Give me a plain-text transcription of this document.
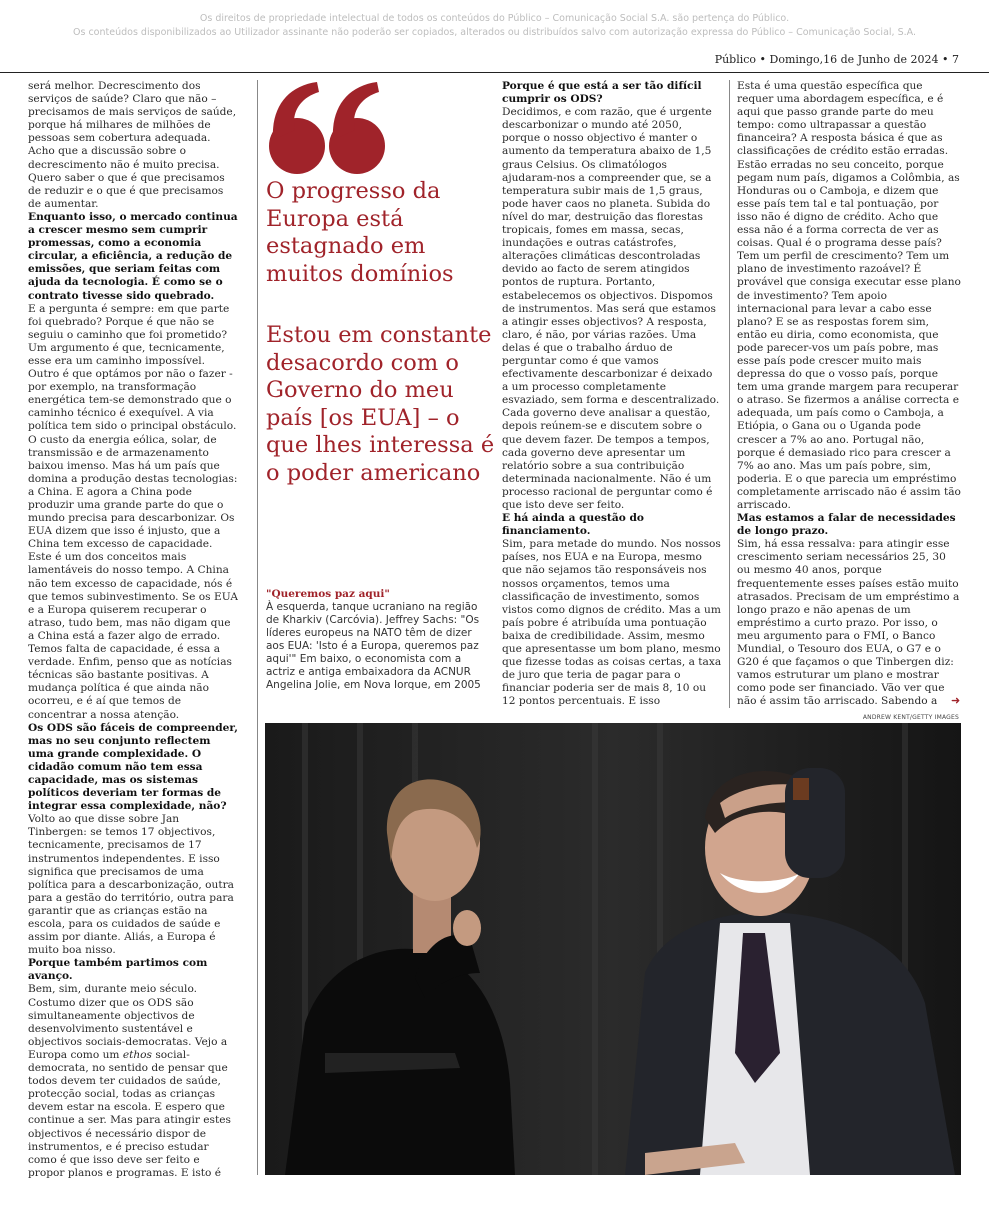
Os direitos de propriedade intelectual de todos os conteúdos do Público – Comunicação Social S.A. são pertença do Público.
Os conteúdos disponibilizados ao Utilizador assinante não poderão ser copiados, alterados ou distribuídos salvo com autorização expressa do Público – Comunicação Social, S.A.
Público • Domingo,16 de Junho de 2024 • 7

será melhor. Decrescimento dos serviços de saúde? Claro que não – precisamos de mais serviços de saúde, porque há milhares de milhões de pessoas sem cobertura adequada. Acho que a discussão sobre o decrescimento não é muito precisa. Quero saber o que é que precisamos de reduzir e o que é que precisamos de aumentar.

Enquanto isso, o mercado continua a crescer mesmo sem cumprir promessas, como a economia circular, a eficiência, a redução de emissões, que seriam feitas com ajuda da tecnologia. É como se o contrato tivesse sido quebrado.

E a pergunta é sempre: em que parte foi quebrado? Porque é que não se seguiu o caminho que foi prometido? Um argumento é que, tecnicamente, esse era um caminho impossível. Outro é que optámos por não o fazer - por exemplo, na transformação energética tem-se demonstrado que o caminho técnico é exequível. A via política tem sido o principal obstáculo. O custo da energia eólica, solar, de transmissão e de armazenamento baixou imenso. Mas há um país que domina a produção destas tecnologias: a China. E agora a China pode produzir uma grande parte do que o mundo precisa para descarbonizar. Os EUA dizem que isso é injusto, que a China tem excesso de capacidade. Este é um dos conceitos mais lamentáveis do nosso tempo. A China não tem excesso de capacidade, nós é que temos subinvestimento. Se os EUA e a Europa quiserem recuperar o atraso, tudo bem, mas não digam que a China está a fazer algo de errado. Temos falta de capacidade, é essa a verdade. Enfim, penso que as notícias técnicas são bastante positivas. A mudança política é que ainda não ocorreu, e é aí que temos de concentrar a nossa atenção.

Os ODS são fáceis de compreender, mas no seu conjunto reflectem uma grande complexidade. O cidadão comum não tem essa capacidade, mas os sistemas políticos deveriam ter formas de integrar essa complexidade, não?

Volto ao que disse sobre Jan Tinbergen: se temos 17 objectivos, tecnicamente, precisamos de 17 instrumentos independentes. E isso significa que precisamos de uma política para a descarbonização, outra para a gestão do território, outra para garantir que as crianças estão na escola, para os cuidados de saúde e assim por diante. Aliás, a Europa é muito boa nisso.

Porque também partimos com avanço.

Bem, sim, durante meio século. Costumo dizer que os ODS são simultaneamente objectivos de desenvolvimento sustentável e objectivos sociais-democratas. Vejo a Europa como um ethos social-democrata, no sentido de pensar que todos devem ter cuidados de saúde, protecção social, todas as crianças devem estar na escola. E espero que continue a ser. Mas para atingir estes objectivos é necessário dispor de instrumentos, e é preciso estudar como é que isso deve ser feito e propor planos e programas. E isto é

O progresso da Europa está estagnado em muitos domínios
Estou em constante desacordo com o Governo do meu país [os EUA] – o que lhes interessa é o poder americano
"Queremos paz aqui"
À esquerda, tanque ucraniano na região de Kharkiv (Carcóvia). Jeffrey Sachs: "Os líderes europeus na NATO têm de dizer aos EUA: 'Isto é a Europa, queremos paz aqui'" Em baixo, o economista com a actriz e antiga embaixadora da ACNUR Angelina Jolie, em Nova Iorque, em 2005

Porque é que está a ser tão difícil cumprir os ODS?

Decidimos, e com razão, que é urgente descarbonizar o mundo até 2050, porque o nosso objectivo é manter o aumento da temperatura abaixo de 1,5 graus Celsius. Os climatólogos ajudaram-nos a compreender que, se a temperatura subir mais de 1,5 graus, pode haver caos no planeta. Subida do nível do mar, destruição das florestas tropicais, fomes em massa, secas, inundações e outras catástrofes, alterações climáticas descontroladas devido ao facto de serem atingidos pontos de ruptura. Portanto, estabelecemos os objectivos. Dispomos de instrumentos. Mas será que estamos a atingir esses objectivos? A resposta, claro, é não, por várias razões. Uma delas é que o trabalho árduo de perguntar como é que vamos efectivamente descarbonizar é deixado a um processo completamente esvaziado, sem forma e descentralizado. Cada governo deve analisar a questão, depois reúnem-se e discutem sobre o que devem fazer. De tempos a tempos, cada governo deve apresentar um relatório sobre a sua contribuição determinada nacionalmente. Não é um processo racional de perguntar como é que isto deve ser feito.

E há ainda a questão do financiamento.

Sim, para metade do mundo. Nos nossos países, nos EUA e na Europa, mesmo que não sejamos tão responsáveis nos nossos orçamentos, temos uma classificação de investimento, somos vistos como dignos de crédito. Mas a um país pobre é atribuída uma pontuação baixa de credibilidade. Assim, mesmo que apresentasse um bom plano, mesmo que fizesse todas as coisas certas, a taxa de juro que teria de pagar para o financiar poderia ser de mais 8, 10 ou 12 pontos percentuais. E isso

Esta é uma questão específica que requer uma abordagem específica, e é aqui que passo grande parte do meu tempo: como ultrapassar a questão financeira? A resposta básica é que as classificações de crédito estão erradas. Estão erradas no seu conceito, porque pegam num país, digamos a Colômbia, as Honduras ou o Camboja, e dizem que esse país tem tal e tal pontuação, por isso não é digno de crédito. Acho que essa não é a forma correcta de ver as coisas. Qual é o programa desse país? Tem um perfil de crescimento? Tem um plano de investimento razoável? É provável que consiga executar esse plano de investimento? Tem apoio internacional para levar a cabo esse plano? E se as respostas forem sim, então eu diria, como economista, que pode parecer-vos um país pobre, mas esse país pode crescer muito mais depressa do que o vosso país, porque tem uma grande margem para recuperar o atraso. Se fizermos a análise correcta e adequada, um país como o Camboja, a Etiópia, o Gana ou o Uganda pode crescer a 7% ao ano. Portugal não, porque é demasiado rico para crescer a 7% ao ano. Mas um país pobre, sim, poderia. E o que parecia um empréstimo completamente arriscado não é assim tão arriscado.

Mas estamos a falar de necessidades de longo prazo.

Sim, há essa ressalva: para atingir esse crescimento seriam necessários 25, 30 ou mesmo 40 anos, porque frequentemente esses países estão muito atrasados. Precisam de um empréstimo a longo prazo e não apenas de um empréstimo a curto prazo. Por isso, o meu argumento para o FMI, o Banco Mundial, o Tesouro dos EUA, o G7 e o G20 é que façamos o que Tinbergen diz: vamos estruturar um plano e mostrar como pode ser financiado. Vão ver que não é assim tão arriscado. Sabendo a	➜
ANDREW KENT/GETTY IMAGES
